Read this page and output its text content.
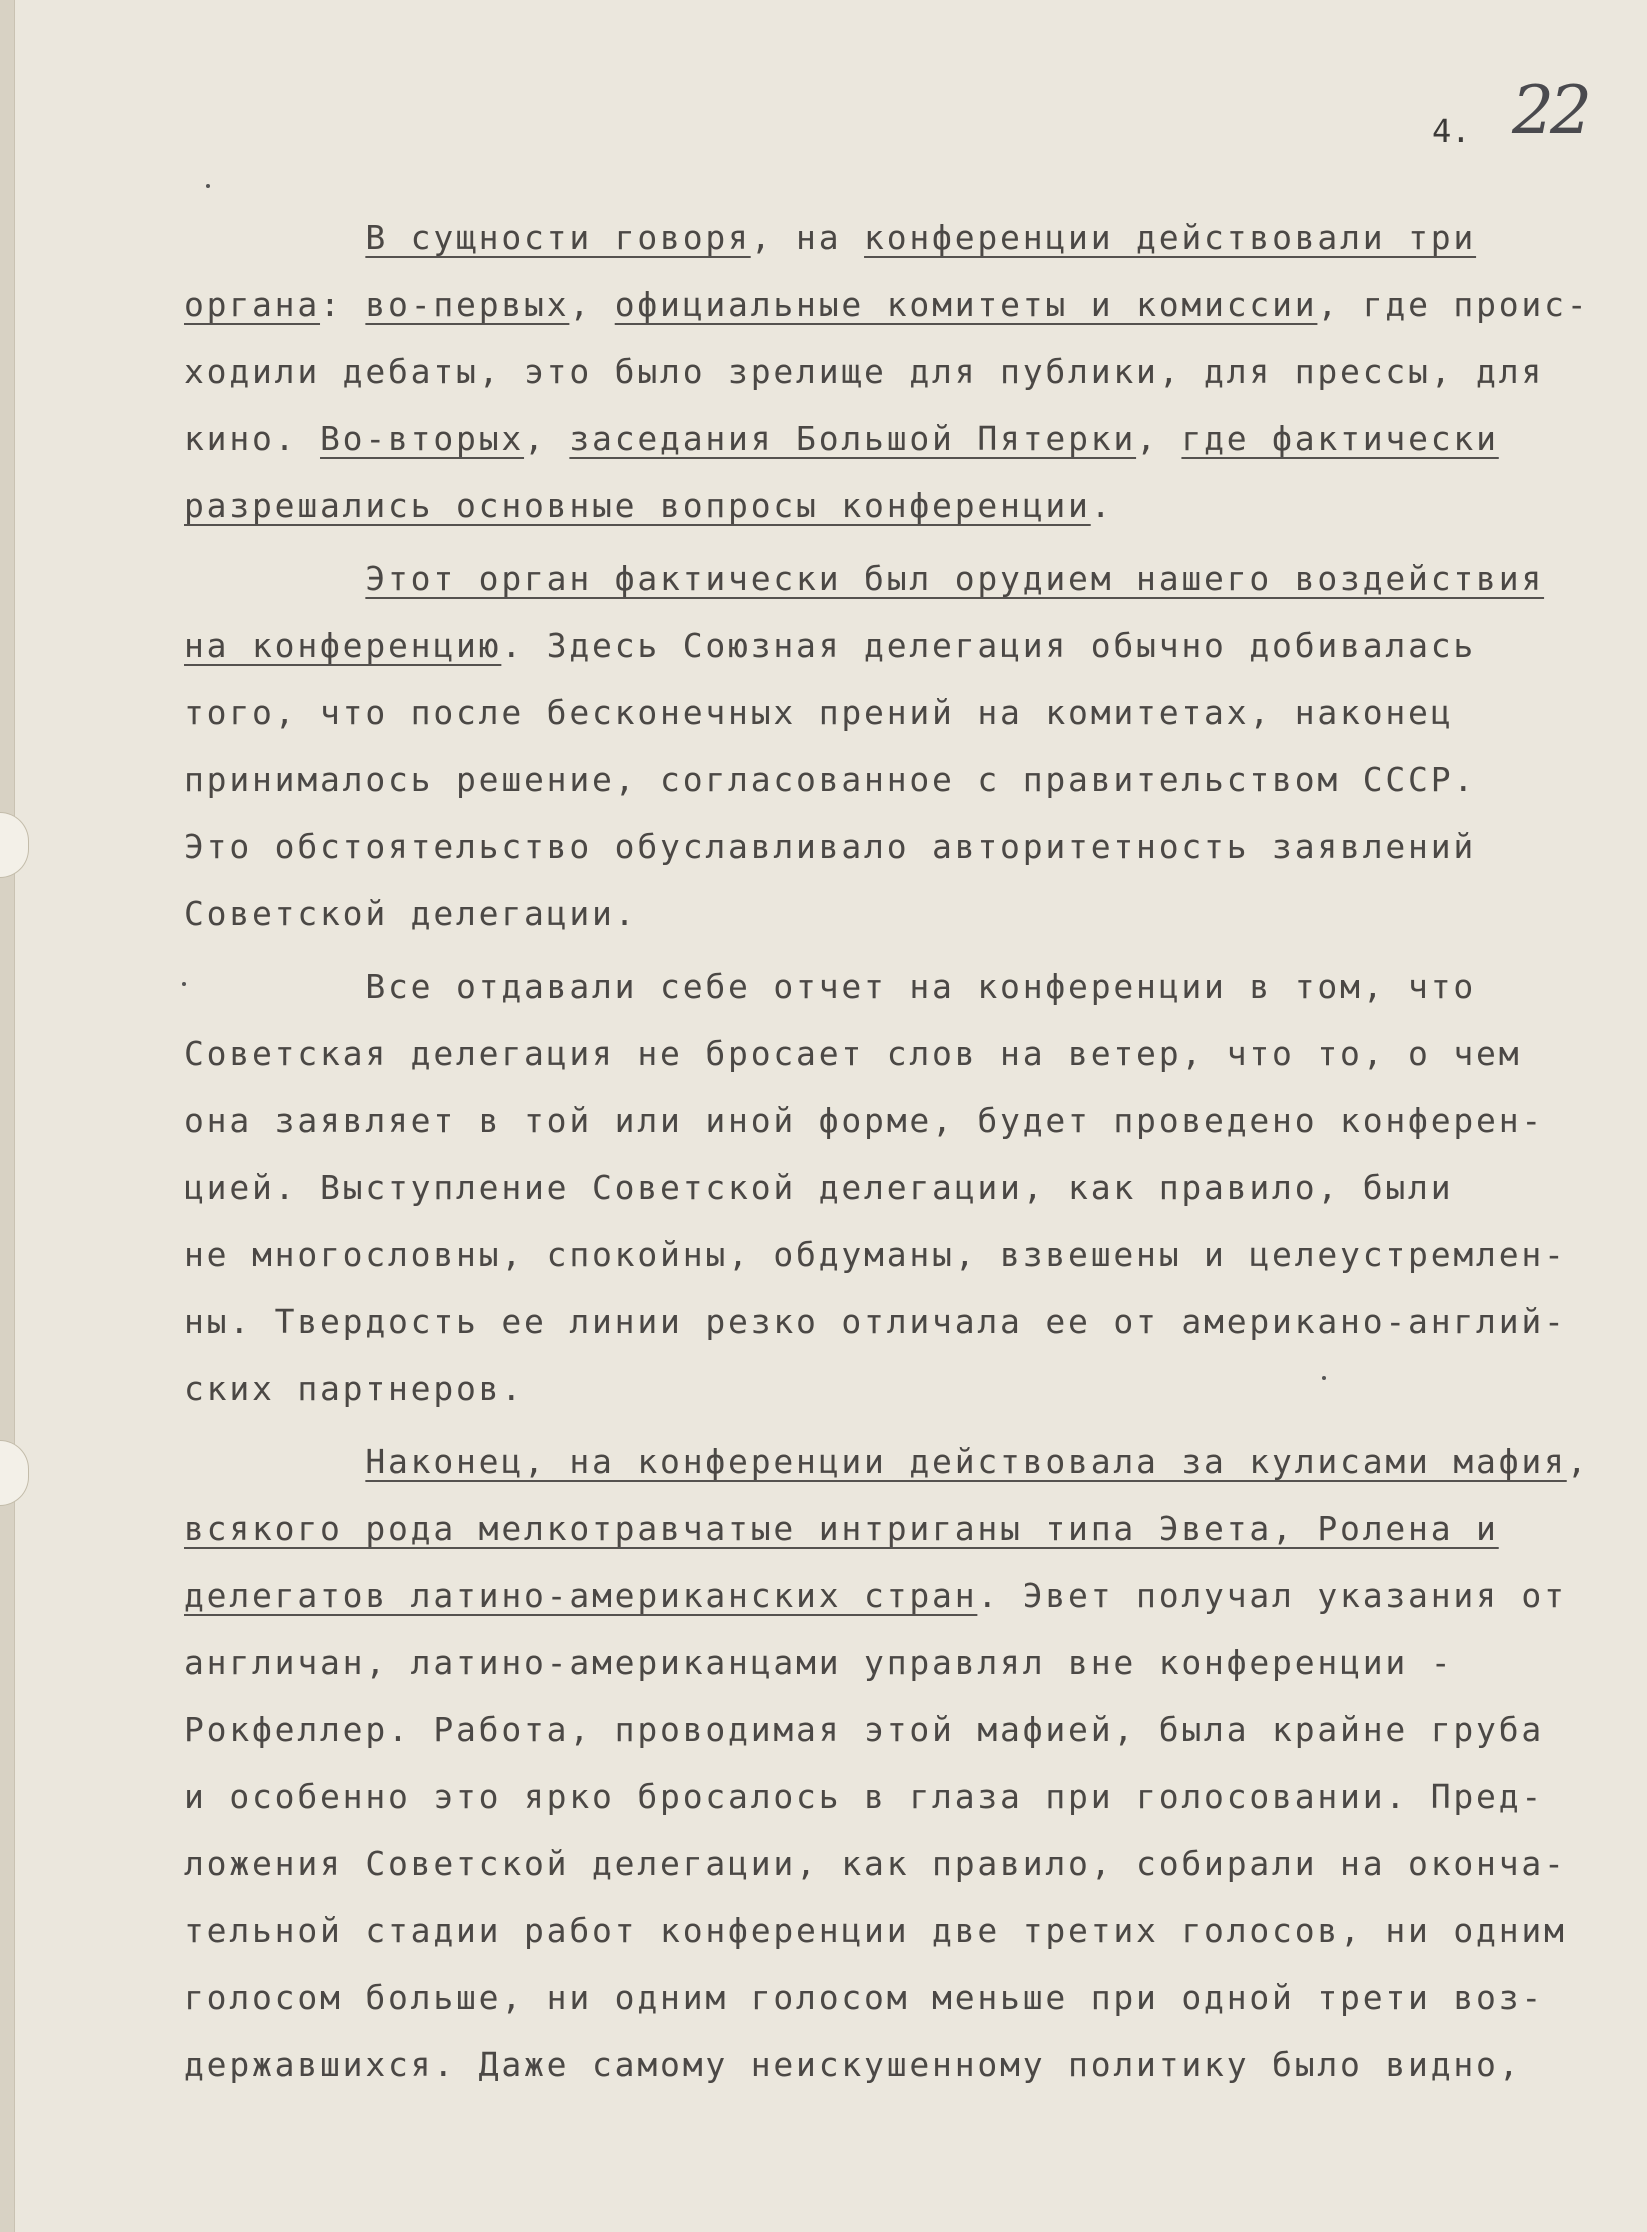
4. 22
В сущности говоря, на конференции действовали три
органа: во-первых, официальные комитеты и комиссии, где проис-
ходили дебаты, это было зрелище для публики, для прессы, для
кино. Во-вторых, заседания Большой Пятерки, где фактически
разрешались основные вопросы конференции.
Этот орган фактически был орудием нашего воздействия
на конференцию. Здесь Союзная делегация обычно добивалась
того, что после бесконечных прений на комитетах, наконец
принималось решение, согласованное с правительством СССР.
Это обстоятельство обуславливало авторитетность заявлений
Советской делегации.
Все отдавали себе отчет на конференции в том, что
Советская делегация не бросает слов на ветер, что то, о чем
она заявляет в той или иной форме, будет проведено конферен-
цией. Выступление Советской делегации, как правило, были
не многословны, спокойны, обдуманы, взвешены и целеустремлен-
ны. Твердость ее линии резко отличала ее от американо-англий-
ских партнеров.
Наконец, на конференции действовала за кулисами мафия,
всякого рода мелкотравчатые интриганы типа Эвета, Ролена и
делегатов латино-американских стран. Эвет получал указания от
англичан, латино-американцами управлял вне конференции -
Рокфеллер. Работа, проводимая этой мафией, была крайне груба
и особенно это ярко бросалось в глаза при голосовании. Пред-
ложения Советской делегации, как правило, собирали на оконча-
тельной стадии работ конференции две третих голосов, ни одним
голосом больше, ни одним голосом меньше при одной трети воз-
державшихся. Даже самому неискушенному политику было видно,
